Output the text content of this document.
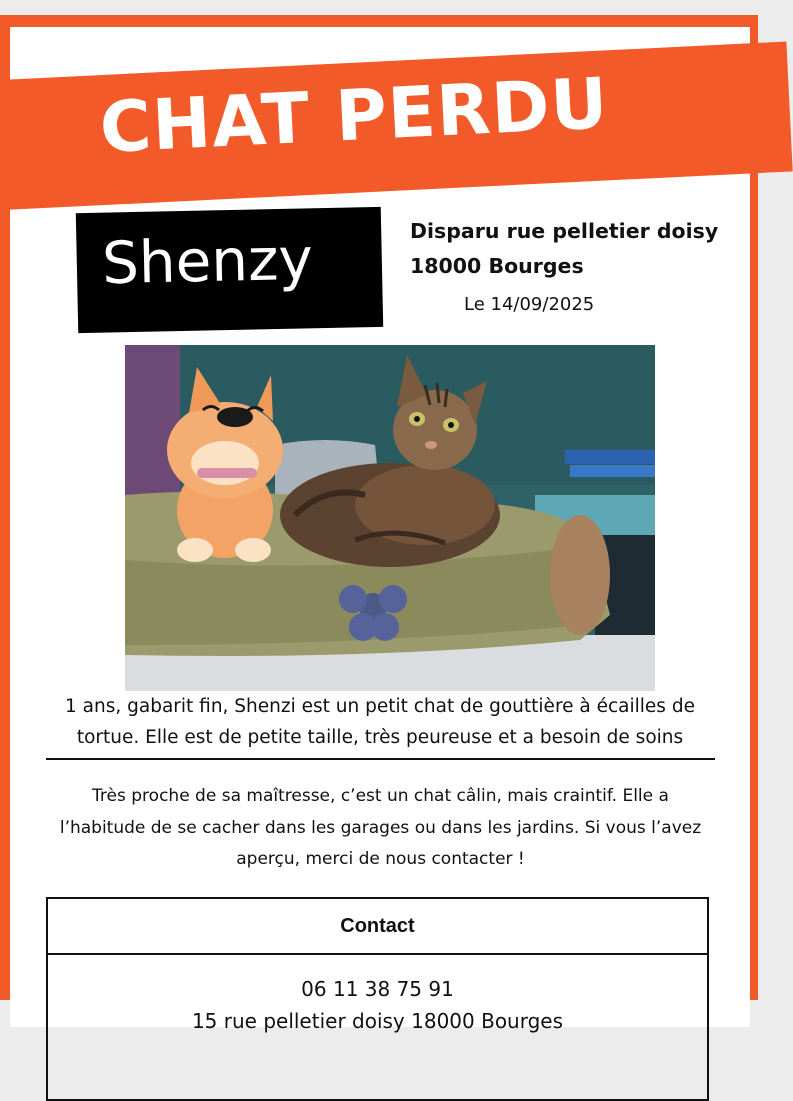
CHAT PERDU
Shenzy	Disparu rue pelletier doisy 18000 Bourges
Le 14/09/2025
1 ans, gabarit fin, Shenzi est un petit chat de gouttière à écailles de tortue. Elle est de petite taille, très peureuse et a besoin de soins
Très proche de sa maîtresse, c’est un chat câlin, mais craintif. Elle a l’habitude de se cacher dans les garages ou dans les jardins. Si vous l’avez aperçu, merci de nous contacter !
Contact
06 11 38 75 91
15 rue pelletier doisy 18000 Bourges
